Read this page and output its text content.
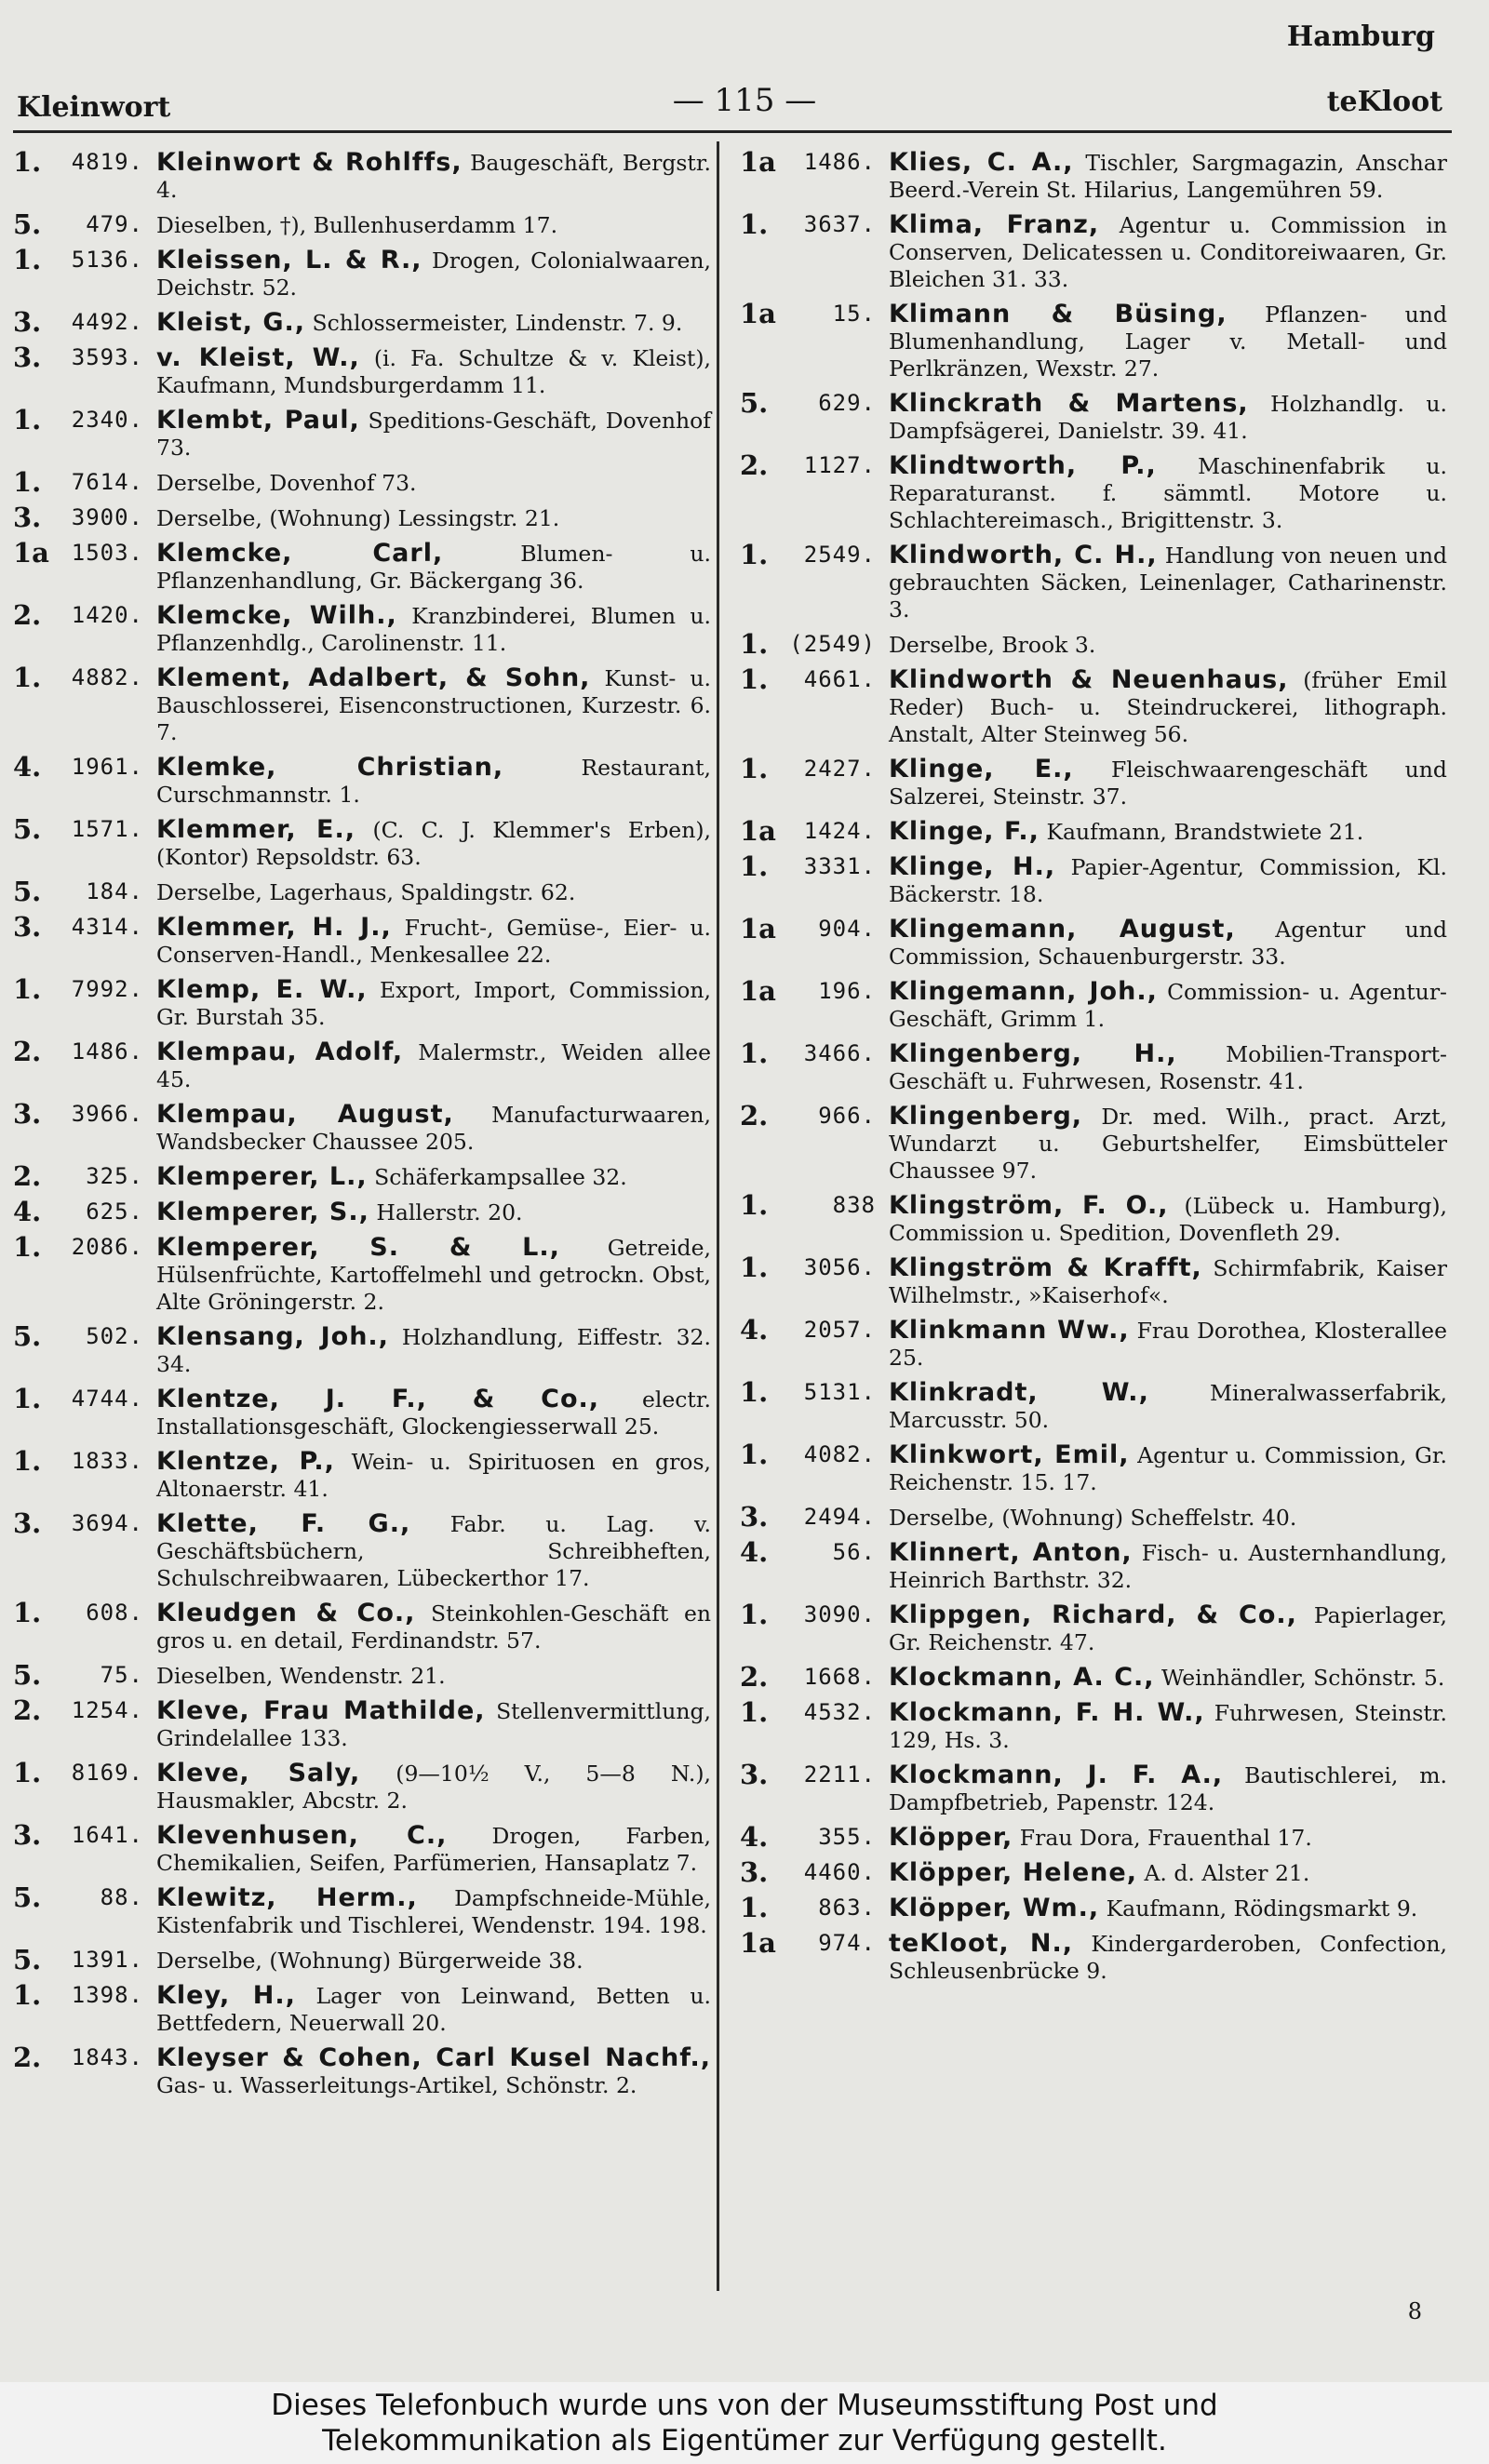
Hamburg
Kleinwort	— 115 —	teKloot
1.	4819. Kleinwort & Rohlffs, Baugeschäft, Bergstr. 4.
5.	479. Dieselben, †), Bullenhuserdamm 17.
1.	5136. Kleissen, L. & R., Drogen, Colonialwaaren, Deichstr. 52.
3.	4492. Kleist, G., Schlossermeister, Lindenstr. 7. 9.
3.	3593. v. Kleist, W., (i. Fa. Schultze & v. Kleist), Kaufmann, Mundsburgerdamm 11.
1.	2340. Klembt, Paul, Speditions-Geschäft, Dovenhof 73.
1.	7614. Derselbe, Dovenhof 73.
3.	3900. Derselbe, (Wohnung) Lessingstr. 21.
1a 1503. Klemcke, Carl,	Blumen- u. Pflanzenhandlung, Gr. Bäckergang 36.
2.	1420. Klemcke, Wilh., Kranzbinderei, Blumen u. Pflanzenhdlg., Carolinenstr. 11.
1.	4882. Klement, Adalbert, & Sohn, Kunst- u. Bauschlosserei, Eisenconstructionen, Kurzestr. 6. 7.
4.	1961. Klemke, Christian,	Restaurant, Curschmannstr. 1.
5.	1571. Klemmer, E., (C. C. J. Klemmer's Erben), (Kontor) Repsoldstr. 63.
5.	184. Derselbe, Lagerhaus, Spaldingstr. 62.
3.	4314. Klemmer, H. J., Frucht-, Gemüse-, Eier- u. Conserven-Handl., Menkesallee 22.
1.	7992. Klemp, E. W., Export, Import, Commission, Gr. Burstah 35.
2.	1486. Klempau, Adolf, Malermstr., Weiden allee 45.
3.	3966. Klempau, August, Manufacturwaaren, Wandsbecker Chaussee 205.
2.	325. Klemperer, L., Schäferkampsallee 32.
4.	625. Klemperer, S., Hallerstr. 20.
1.	2086. Klemperer, S. & L., Getreide, Hülsenfrüchte, Kartoffelmehl und getrockn. Obst, Alte Gröningerstr. 2.
5.	502. Klensang, Joh., Holzhandlung, Eiffestr. 32. 34.
1.	4744. Klentze, J. F., & Co., electr. Installationsgeschäft, Glockengiesserwall 25.
1.	1833. Klentze, P., Wein- u. Spirituosen en gros, Altonaerstr. 41.
3.	3694. Klette, F. G., Fabr. u. Lag. v. Geschäftsbüchern, Schreibheften, Schulschreibwaaren, Lübeckerthor 17.
1.	608. Kleudgen & Co., Steinkohlen-Geschäft en gros u. en detail, Ferdinandstr. 57.
5.	75. Dieselben, Wendenstr. 21.
2.	1254. Kleve, Frau Mathilde, Stellenvermittlung, Grindelallee 133.
1.	8169. Kleve, Saly, (9—10½ V., 5—8 N.), Hausmakler, Abcstr. 2.
3.	1641. Klevenhusen, C., Drogen, Farben, Chemikalien, Seifen, Parfümerien, Hansaplatz 7.
5.	88. Klewitz, Herm., Dampfschneide-Mühle, Kistenfabrik und Tischlerei, Wendenstr. 194. 198.
5.	1391. Derselbe, (Wohnung) Bürgerweide 38.
1.	1398. Kley, H., Lager von Leinwand, Betten u. Bettfedern, Neuerwall 20.
2.	1843. Kleyser & Cohen, Carl Kusel Nachf., Gas- u. Wasserleitungs-Artikel, Schönstr. 2.
1a	1486. Klies, C. A., Tischler, Sargmagazin, Anschar Beerd.-Verein St. Hilarius, Langemühren 59.
1.	3637. Klima, Franz, Agentur u. Commission in Conserven, Delicatessen u. Conditoreiwaaren, Gr. Bleichen 31. 33.
1a	15. Klimann & Büsing, Pflanzen- und Blumenhandlung, Lager v. Metall- und Perlkränzen, Wexstr. 27.
5.	629. Klinckrath & Martens, Holzhandlg. u. Dampfsägerei, Danielstr. 39. 41.
2.	1127. Klindtworth, P., Maschinenfabrik u. Reparaturanst. f. sämmtl. Motore u. Schlachtereimasch., Brigittenstr. 3.
1.	2549. Klindworth, C. H., Handlung von neuen und gebrauchten Säcken, Leinenlager, Catharinenstr. 3.
1. (2549) Derselbe, Brook 3.
1.	4661. Klindworth & Neuenhaus, (früher Emil Reder) Buch- u. Steindruckerei, lithograph. Anstalt, Alter Steinweg 56.
1.	2427. Klinge, E., Fleischwaarengeschäft und Salzerei, Steinstr. 37.
1a	1424. Klinge, F., Kaufmann, Brandstwiete 21.
1.	3331. Klinge, H., Papier-Agentur, Commission, Kl. Bäckerstr. 18.
1a	904. Klingemann, August, Agentur und Commission, Schauenburgerstr. 33.
1a	196. Klingemann, Joh., Commission- u. Agentur-Geschäft, Grimm 1.
1.	3466. Klingenberg, H., Mobilien-Transport-Geschäft u. Fuhrwesen, Rosenstr. 41.
2.	966. Klingenberg, Dr. med. Wilh., pract. Arzt, Wundarzt u. Geburtshelfer, Eimsbütteler Chaussee 97.
1.	838 Klingström, F. O., (Lübeck u. Hamburg), Commission u. Spedition, Dovenfleth 29.
1.	3056. Klingström & Krafft, Schirmfabrik, Kaiser Wilhelmstr., »Kaiserhof«.
4.	2057. Klinkmann Ww., Frau Dorothea, Klosterallee 25.
1.	5131. Klinkradt, W.,	Mineralwasserfabrik, Marcusstr. 50.
1.	4082. Klinkwort, Emil, Agentur u. Commission, Gr. Reichenstr. 15. 17.
3.	2494. Derselbe, (Wohnung) Scheffelstr. 40.
4.	56. Klinnert, Anton, Fisch- u. Austernhandlung, Heinrich Barthstr. 32.
1.	3090. Klippgen, Richard, & Co., Papierlager, Gr. Reichenstr. 47.
2.	1668. Klockmann, A. C., Weinhändler, Schönstr. 5.
1.	4532. Klockmann, F. H. W., Fuhrwesen, Steinstr. 129, Hs. 3.
3.	2211. Klockmann, J. F. A., Bautischlerei, m. Dampfbetrieb, Papenstr. 124.
4.	355. Klöpper, Frau Dora, Frauenthal 17.
3.	4460. Klöpper, Helene, A. d. Alster 21.
1.	863. Klöpper, Wm., Kaufmann, Rödingsmarkt 9.
1a	974. teKloot, N., Kindergarderoben, Confection, Schleusenbrücke 9.
8
Dieses Telefonbuch wurde uns von der Museumsstiftung Post und
Telekommunikation als Eigentümer zur Verfügung gestellt.
